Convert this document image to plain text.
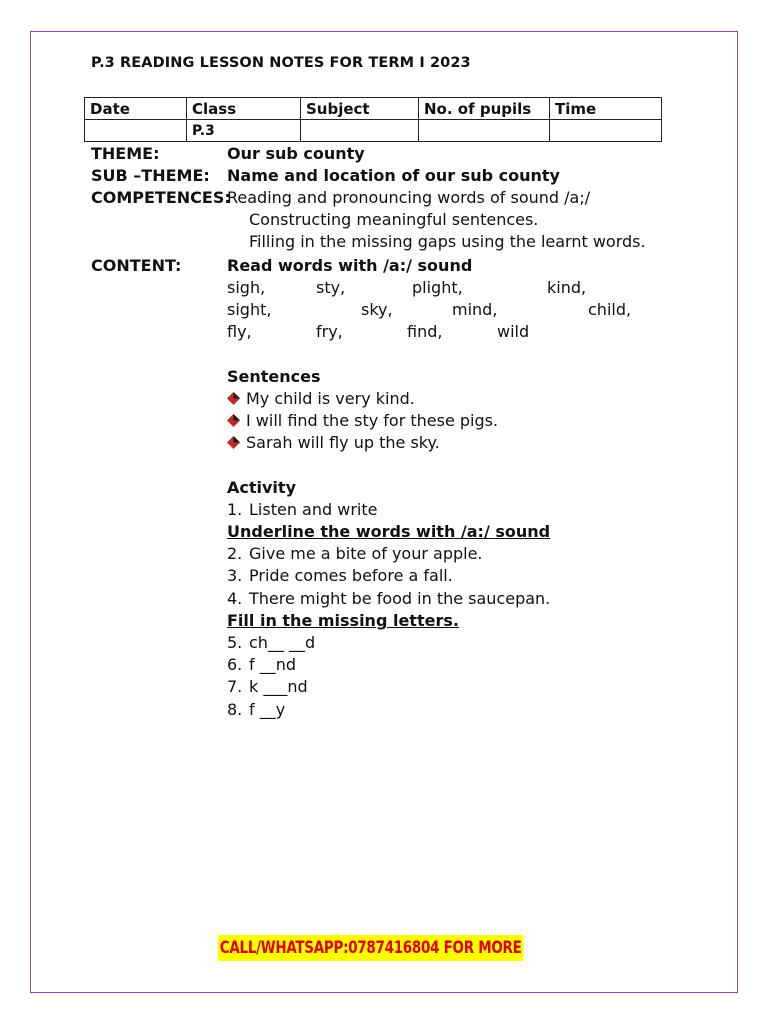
P.3 READING LESSON NOTES FOR TERM I 2023
Date	Class	Subject	No. of pupils	Time
	P.3			
THEME:	Our sub county
SUB –THEME: Name and location of our sub county
COMPETENCES:
Reading and pronouncing words of sound /a;/
Constructing meaningful sentences.
Filling in the missing gaps using the learnt words.
CONTENT:	Read words with /a:/ sound
sigh,	sty,	plight,	kind,
sight,	sky,	mind,	child,
fly,	fry,	find,	wild
Sentences
My child is very kind.
I will find the sty for these pigs.
Sarah will fly up the sky.
Activity
1. Listen and write
Underline the words with /a:/ sound
2. Give me a bite of your apple.
3. Pride comes before a fall.
4. There might be food in the saucepan.
Fill in the missing letters.
5. ch__ __d
6. f __nd
7. k ___nd
8. f __y
CALL/WHATSAPP:0787416804 FOR MORE
